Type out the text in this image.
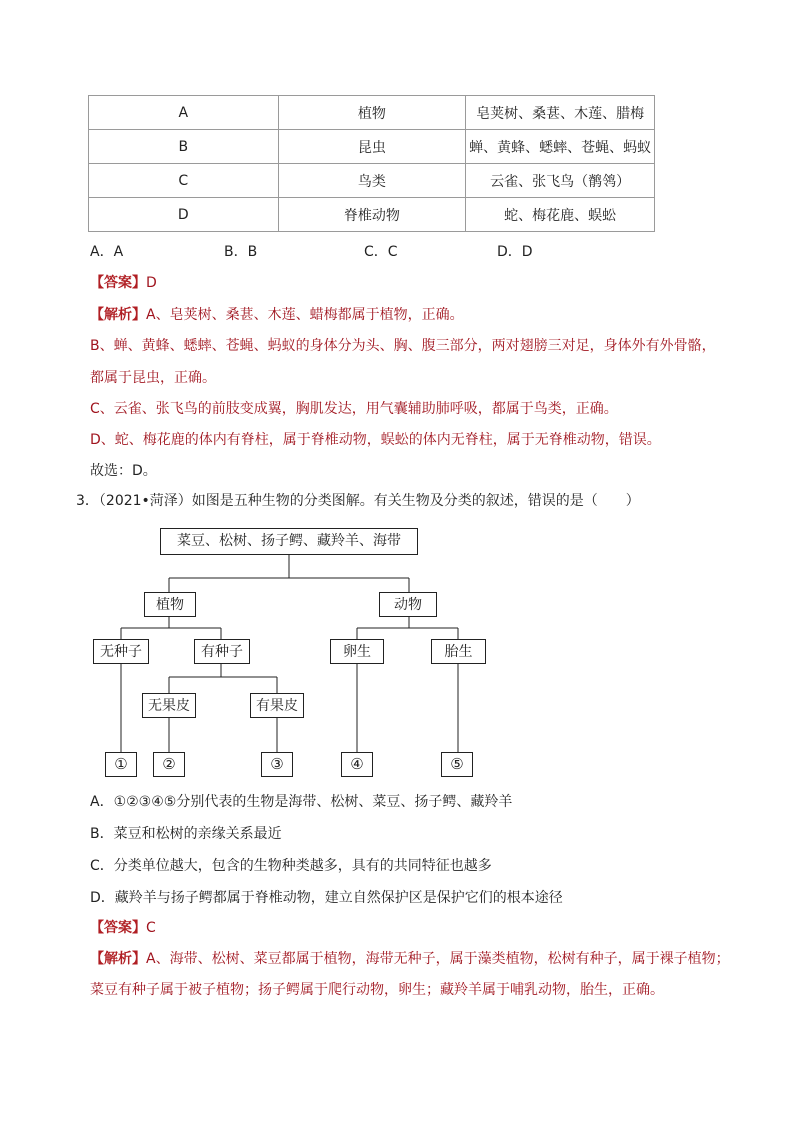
A	植物	皂荚树、桑葚、木莲、腊梅
B	昆虫	蝉、黄蜂、蟋蟀、苍蝇、蚂蚁
C	鸟类	云雀、张飞鸟（鹡鸰）
D	脊椎动物	蛇、梅花鹿、蜈蚣
A．A	B．B	C．C	D．D
【答案】D
【解析】A、皂荚树、桑葚、木莲、蜡梅都属于植物，正确。
B、蝉、黄蜂、蟋蟀、苍蝇、蚂蚁的身体分为头、胸、腹三部分，两对翅膀三对足，身体外有外骨骼，
都属于昆虫，正确。
C、云雀、张飞鸟的前肢变成翼，胸肌发达，用气囊辅助肺呼吸，都属于鸟类，正确。
D、蛇、梅花鹿的体内有脊柱，属于脊椎动物，蜈蚣的体内无脊柱，属于无脊椎动物，错误。
故选：D。
3．（2021•菏泽）如图是五种生物的分类图解。有关生物及分类的叙述，错误的是（　　）
菜豆、松树、扬子鳄、藏羚羊、海带
植物	动物
无种子	有种子	卵生	胎生
无果皮	有果皮
①	②	③	④	⑤
A．①②③④⑤分别代表的生物是海带、松树、菜豆、扬子鳄、藏羚羊
B．菜豆和松树的亲缘关系最近
C．分类单位越大，包含的生物种类越多，具有的共同特征也越多
D．藏羚羊与扬子鳄都属于脊椎动物，建立自然保护区是保护它们的根本途径
【答案】C
【解析】A、海带、松树、菜豆都属于植物，海带无种子，属于藻类植物，松树有种子，属于裸子植物；
菜豆有种子属于被子植物；扬子鳄属于爬行动物，卵生；藏羚羊属于哺乳动物，胎生，正确。
